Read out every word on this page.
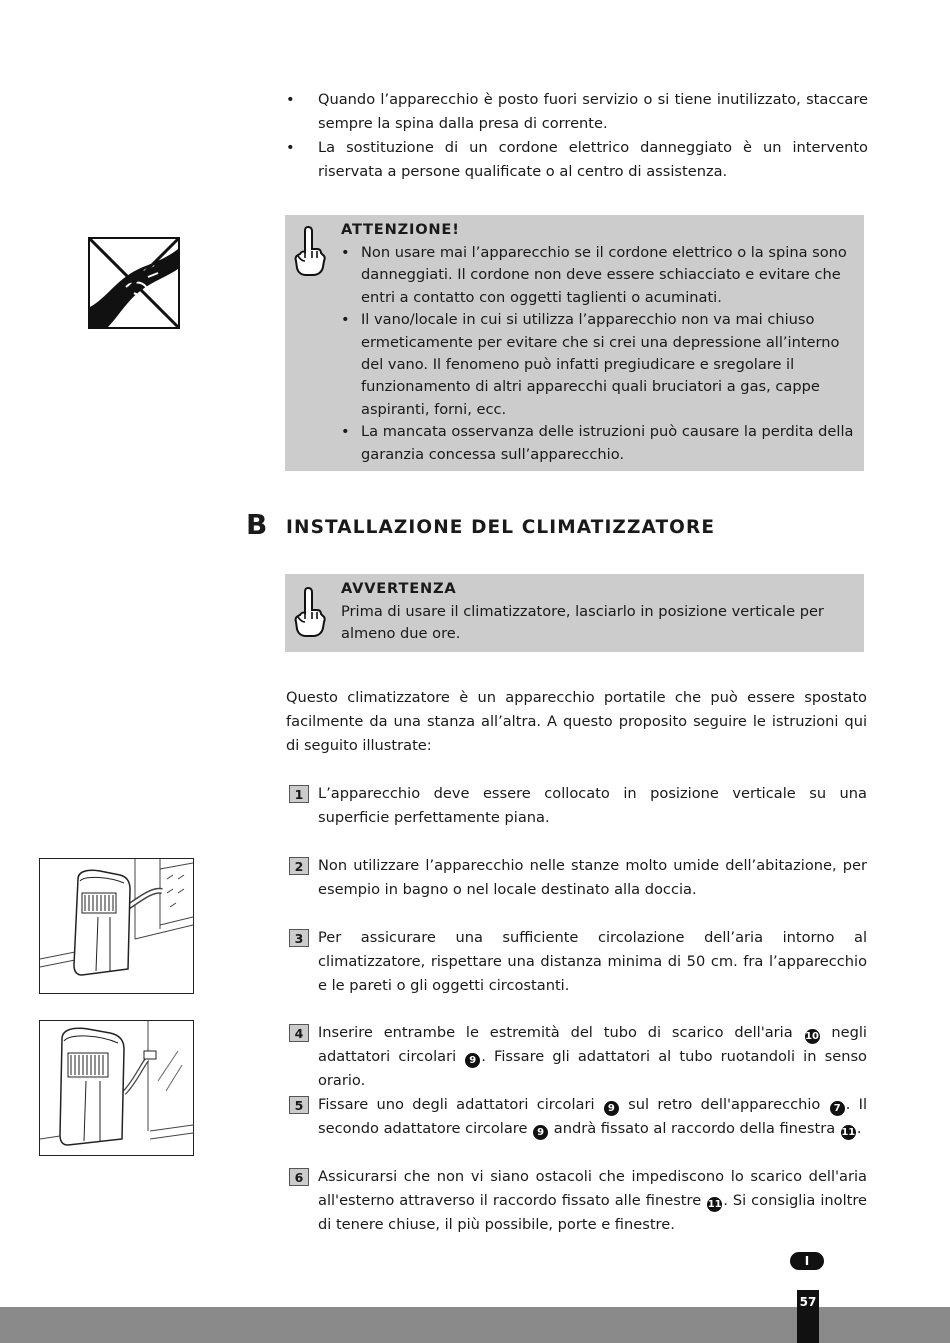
•	Quando l’apparecchio è posto fuori servizio o si tiene inutilizzato, staccare sempre la spina dalla presa di corrente.
•	La sostituzione di un cordone elettrico danneggiato è un intervento riservata a persone qualificate o al centro di assistenza.
ATTENZIONE!
• Non usare mai l’apparecchio se il cordone elettrico o la spina sono danneggiati. Il cordone non deve essere schiacciato e evitare che entri a contatto con oggetti taglienti o acuminati.
• Il vano/locale in cui si utilizza l’apparecchio non va mai chiuso ermeticamente per evitare che si crei una depressione all’interno del vano. Il fenomeno può infatti pregiudicare e sregolare il funzionamento di altri apparecchi quali bruciatori a gas, cappe aspiranti, forni, ecc.
• La mancata osservanza delle istruzioni può causare la perdita della garanzia concessa sull’apparecchio.
B INSTALLAZIONE DEL CLIMATIZZATORE
AVVERTENZA
Prima di usare il climatizzatore, lasciarlo in posizione verticale per almeno due ore.
Questo climatizzatore è un apparecchio portatile che può essere spostato facilmente da una stanza all’altra. A questo proposito seguire le istruzioni qui di seguito illustrate:
1	L’apparecchio deve essere collocato in posizione verticale su una superficie perfettamente piana.
2	Non utilizzare l’apparecchio nelle stanze molto umide dell’abitazione, per esempio in bagno o nel locale destinato alla doccia.
3	Per assicurare una sufficiente circolazione dell’aria intorno al climatizzatore, rispettare una distanza minima di 50 cm. fra l’apparecchio e le pareti o gli oggetti circostanti.
4	Inserire entrambe le estremità del tubo di scarico dell'aria 10 negli adattatori circolari 9 . Fissare gli adattatori al tubo ruotandoli in senso orario.
5	Fissare uno degli adattatori circolari 9 sul retro dell'apparecchio 7 . Il secondo adattatore circolare 9 andrà fissato al raccordo della finestra 11 .
6	Assicurarsi che non vi siano ostacoli che impediscono lo scarico dell'aria all'esterno attraverso il raccordo fissato alle finestre 11 . Si consiglia inoltre di tenere chiuse, il più possibile, porte e finestre.
I
57
